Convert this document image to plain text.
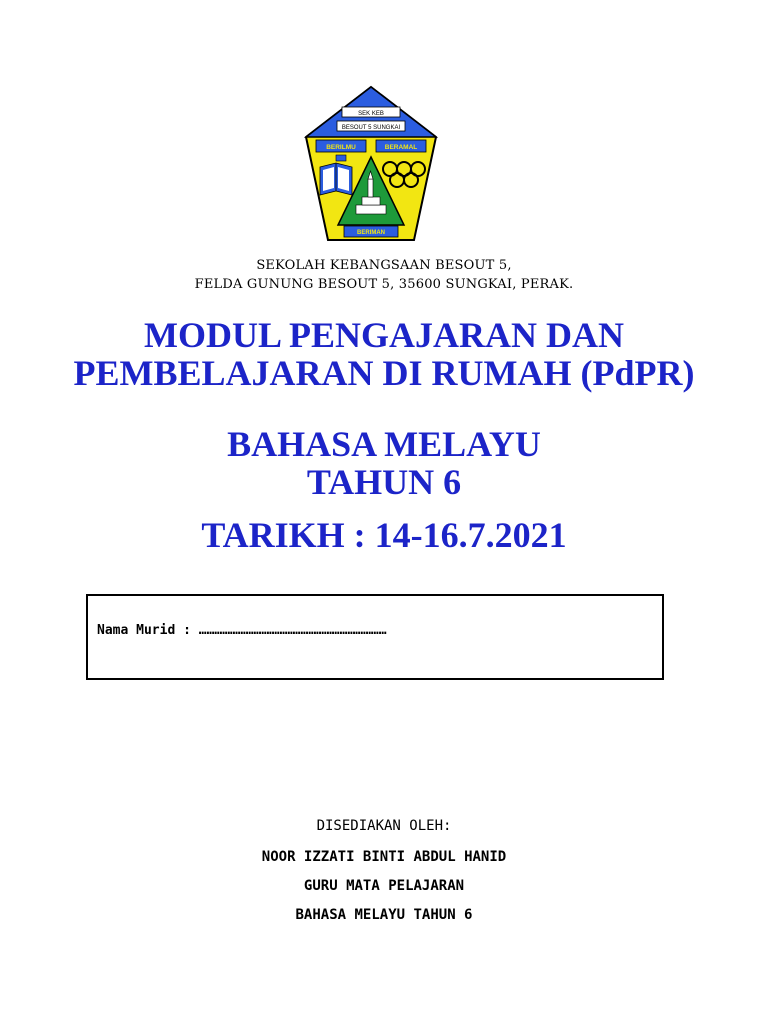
SEK KEB
BESOUT 5 SUNGKAI
BERILMU	BERAMAL
BERIMAN
SEKOLAH KEBANGSAAN BESOUT 5,
FELDA GUNUNG BESOUT 5, 35600 SUNGKAI, PERAK.
MODUL PENGAJARAN DAN
PEMBELAJARAN DI RUMAH (PdPR)
BAHASA MELAYU
TAHUN 6
TARIKH : 14-16.7.2021
Nama Murid : ………………………………………………………………
DISEDIAKAN OLEH:
NOOR IZZATI BINTI ABDUL HANID
GURU MATA PELAJARAN
BAHASA MELAYU TAHUN 6
